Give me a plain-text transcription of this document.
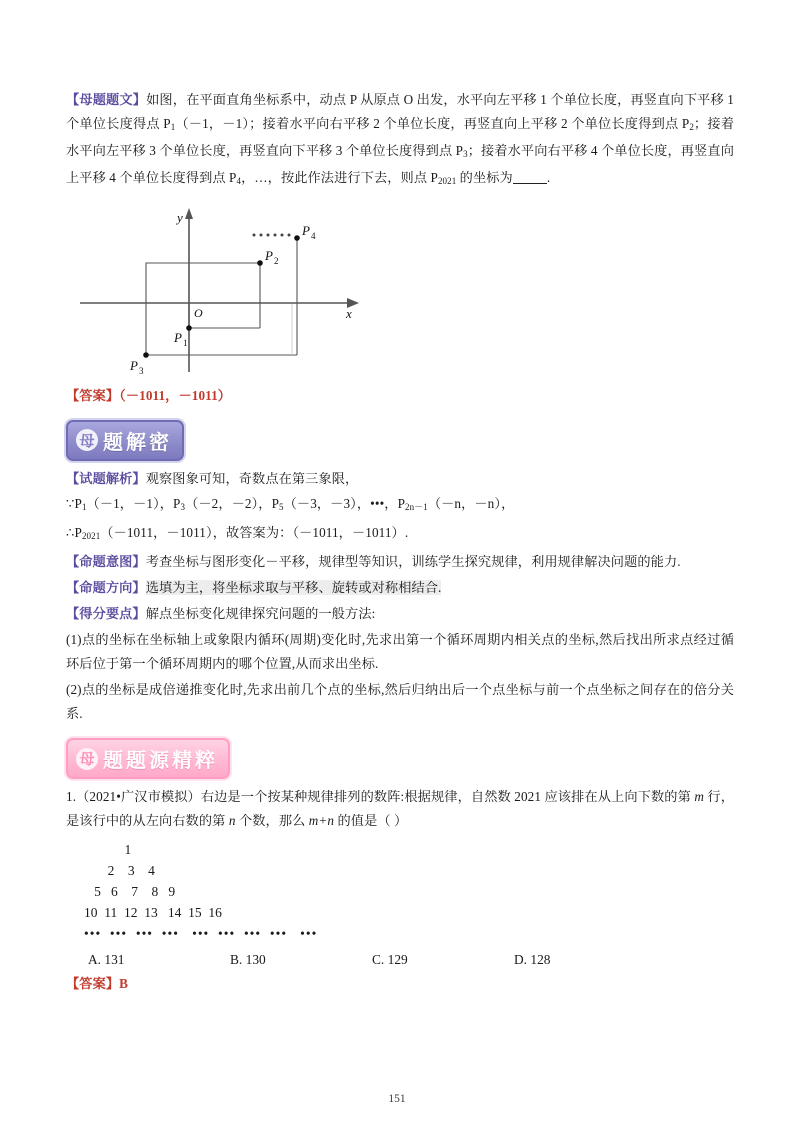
【母题题文】如图，在平面直角坐标系中，动点 P 从原点 O 出发，水平向左平移 1 个单位长度，再竖直向下平移 1 个单位长度得点 $P_1(-1$，－1）；接着水平向右平移 2 个单位长度，再竖直向上平移 2 个单位长度得到点 $P_2$；接着水平向左平移 3 个单位长度，再竖直向下平移 3 个单位长度得到点 $P_3$；接着水平向右平移 4 个单位长度，再竖直向上平移 4 个单位长度得到点 $P_4$，…，按此作法进行下去，则点 $P_{2021}$ 的坐标为	.
P 1
P 2
P 3
P 4
O
y
x
【答案】（－1011，－1011）
母 题解密
【试题解析】观察图象可知，奇数点在第三象限，
$\because P_1(-1$，－1），$P_3(-2$，－2），$P_5(-3$，－3），•••，$P_{2n-1}(-n$，－n），
$\therefore P_{2021}(-1011$，－1011），故答案为：（－1011，－1011）.
【命题意图】考查坐标与图形变化－平移，规律型等知识，训练学生探究规律，利用规律解决问题的能力.
【命题方向】选填为主，将坐标求取与平移、旋转或对称相结合.
【得分要点】解点坐标变化规律探究问题的一般方法:
(1)点的坐标在坐标轴上或象限内循环(周期)变化时,先求出第一个循环周期内相关点的坐标,然后找出所求点经过循环后位于第一个循环周期内的哪个位置,从而求出坐标.
(2)点的坐标是成倍递推变化时,先求出前几个点的坐标,然后归纳出后一个点坐标与前一个点坐标之间存在的倍分关系.
母 题题源精粹
1.（2021•广汉市模拟）右边是一个按某种规律排列的数阵:根据规律，自然数 2021 应该排在从上向下数的第 m 行，是该行中的从左向右数的第 n 个数，那么 m+n 的值是（ ）
1
2    3    4
5   6    7    8   9
10  11  12  13   14  15  16
•••  •••  •••  •••   •••  •••  •••  •••   •••
A. 131	B. 130	C. 129	D. 128
【答案】B
151
